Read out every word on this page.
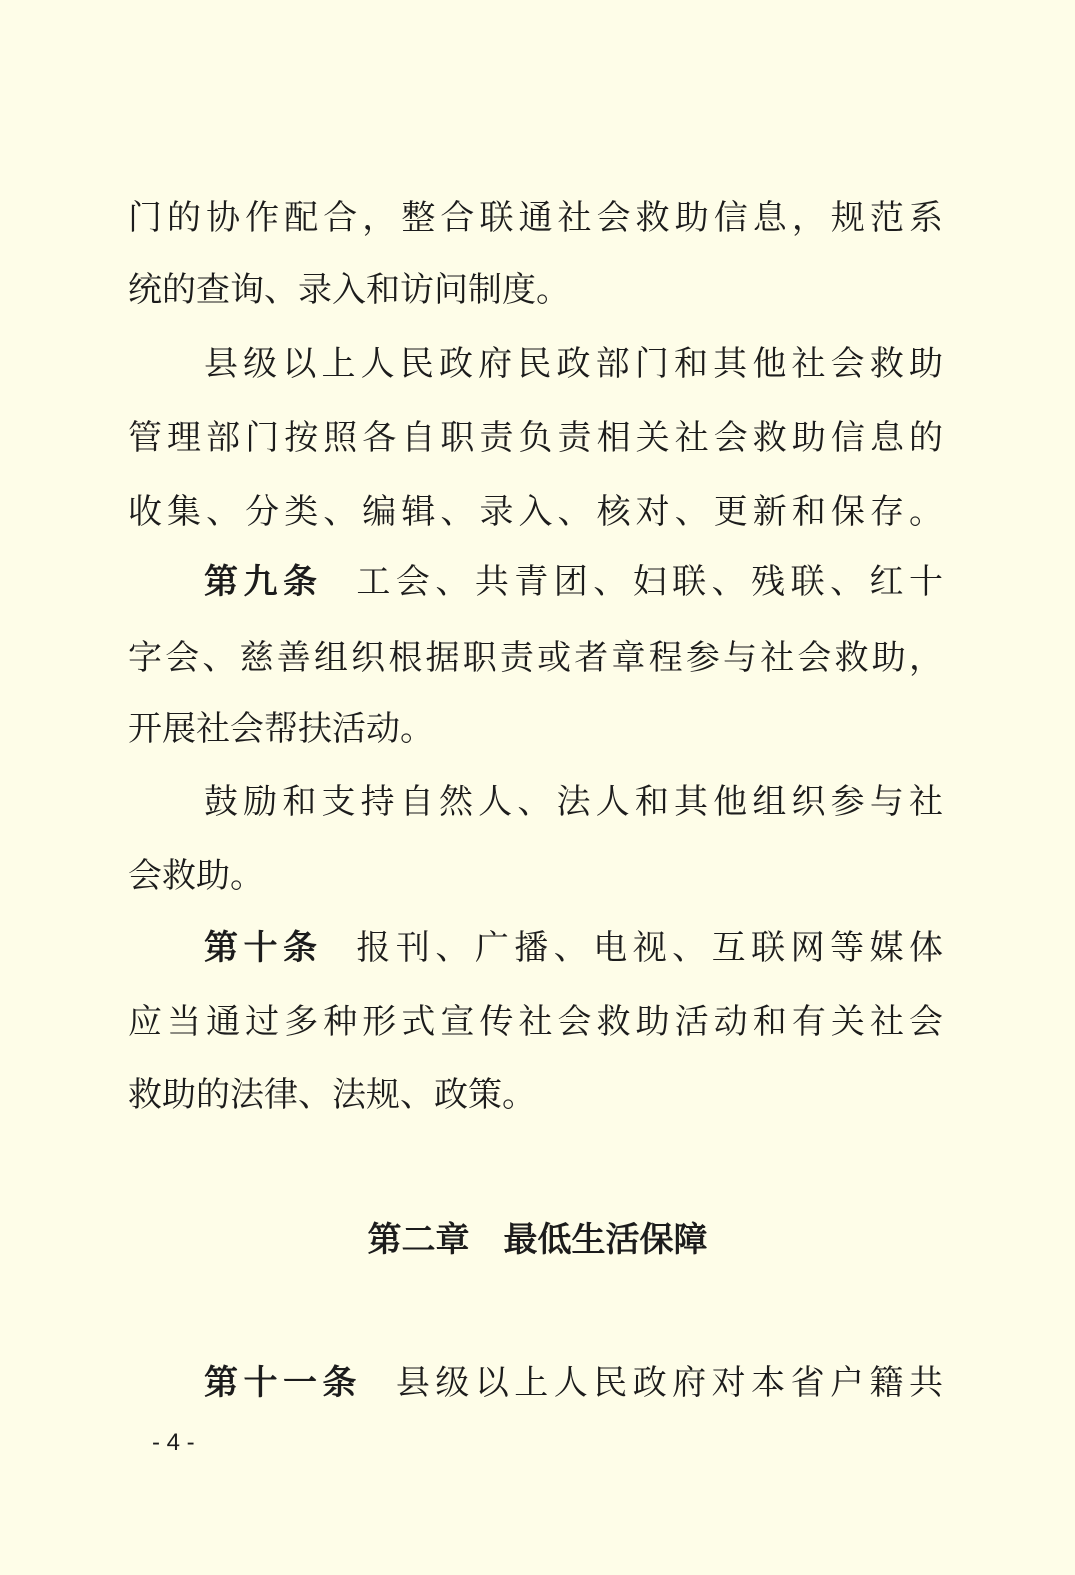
门的协作配合，整合联通社会救助信息，规范系
统的查询、录入和访问制度。
县级以上人民政府民政部门和其他社会救助
管理部门按照各自职责负责相关社会救助信息的
收集、分类、编辑、录入、核对、更新和保存。
第九条 工会、共青团、妇联、残联、红十
字会、慈善组织根据职责或者章程参与社会救助，
开展社会帮扶活动。
鼓励和支持自然人、法人和其他组织参与社
会救助。
第十条 报刊、广播、电视、互联网等媒体
应当通过多种形式宣传社会救助活动和有关社会
救助的法律、法规、政策。
第二章　最低生活保障
第十一条 县级以上人民政府对本省户籍共
- 4 -
